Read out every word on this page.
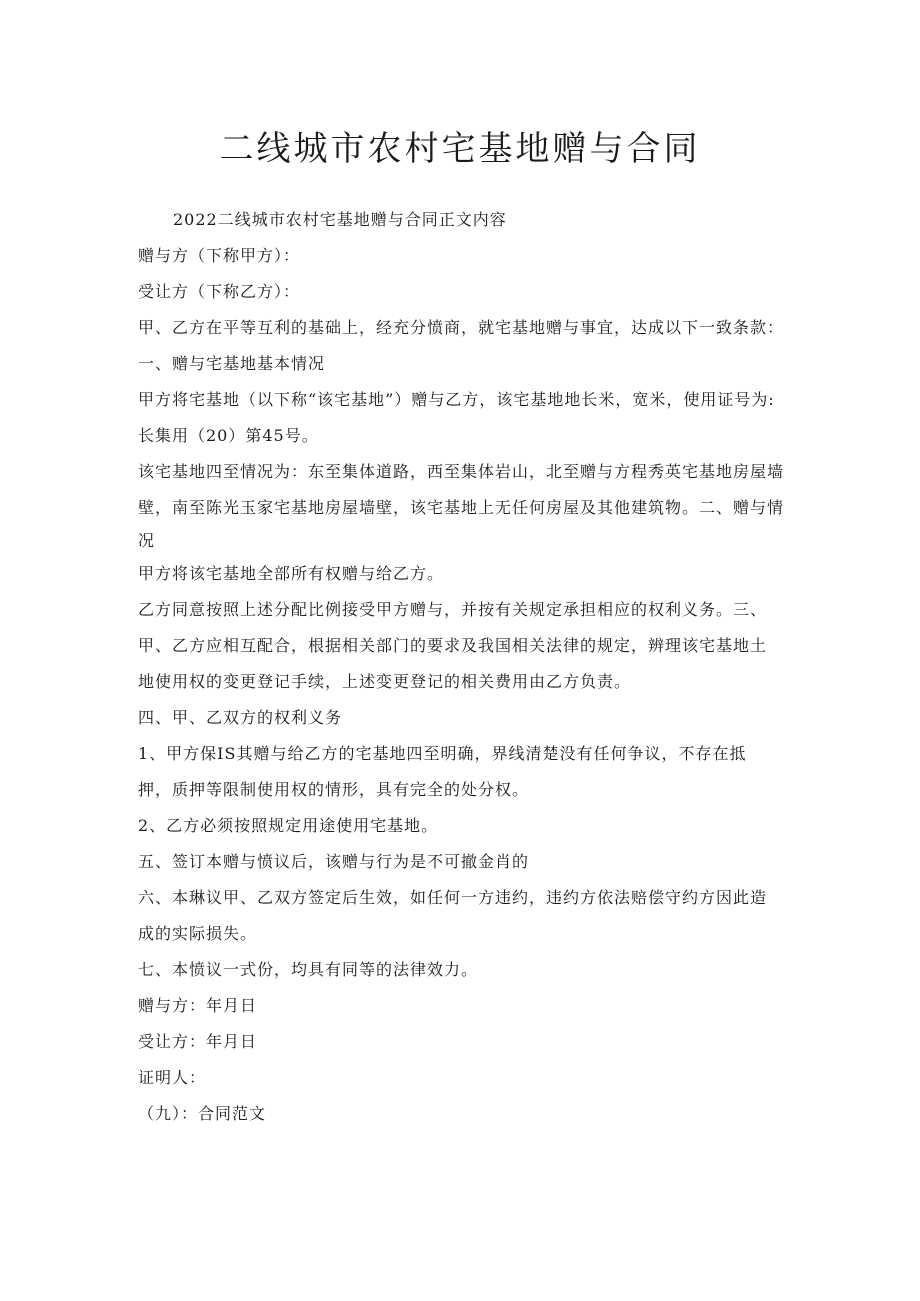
二线城市农村宅基地赠与合同
2022二线城市农村宅基地赠与合同正文内容
赠与方（下称甲方）：
受让方（下称乙方）：
甲、乙方在平等互利的基础上，经充分愤商，就宅基地赠与事宜，达成以下一致条款：
一、赠与宅基地基本情况
甲方将宅基地（以下称“该宅基地”）赠与乙方，该宅基地地长米，宽米，使用证号为:
长集用（20）第45号。
该宅基地四至情况为：东至集体道路，西至集体岩山，北至赠与方程秀英宅基地房屋墙
壁，南至陈光玉家宅基地房屋墙壁，该宅基地上无任何房屋及其他建筑物。二、赠与情
况
甲方将该宅基地全部所有权赠与给乙方。
乙方同意按照上述分配比例接受甲方赠与，并按有关规定承担相应的权利义务。三、
甲、乙方应相互配合，根据相关部门的要求及我国相关法律的规定，辨理该宅基地土
地使用权的变更登记手续，上述变更登记的相关费用由乙方负责。
四、甲、乙双方的权利义务
1、甲方保IS其赠与给乙方的宅基地四至明确，界线清楚没有任何争议，不存在抵
押，质押等限制使用权的情形，具有完全的处分权。
2、乙方必须按照规定用途使用宅基地。
五、签订本赠与愤议后，该赠与行为是不可撤金肖的
六、本琳议甲、乙双方签定后生效，如任何一方违约，违约方依法赔偿守约方因此造
成的实际损失。
七、本愤议一式份，均具有同等的法律效力。
赠与方：年月日
受让方：年月日
证明人：
（九）：合同范文
